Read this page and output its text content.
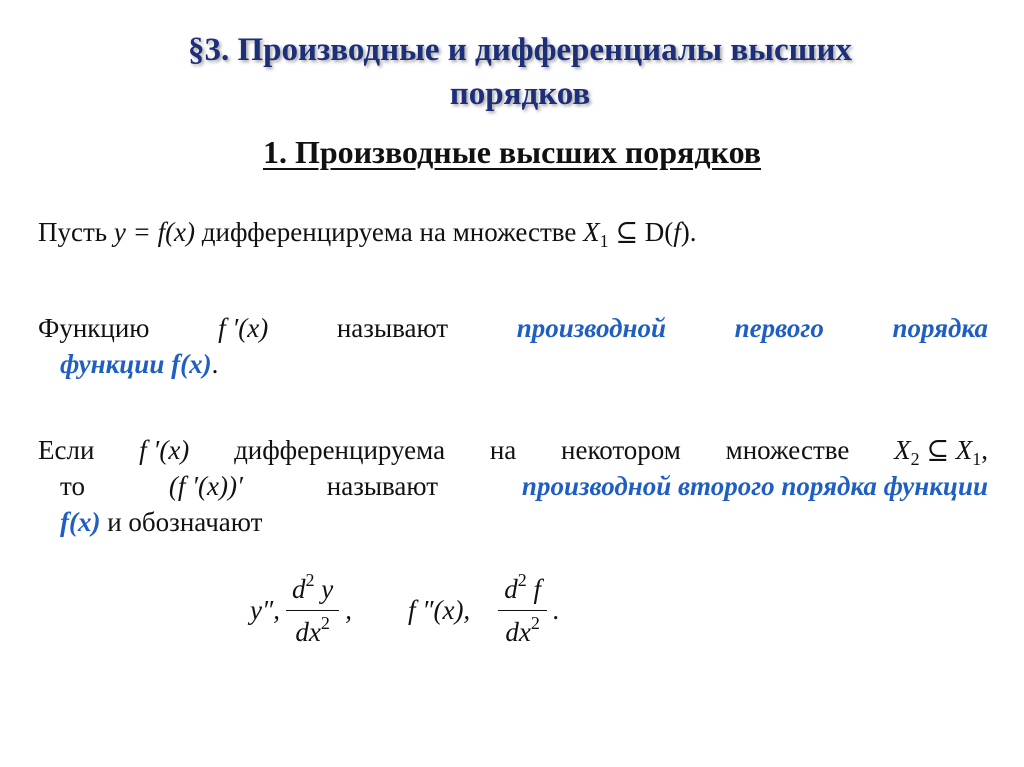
§3. Производные и дифференциалы высших
порядков
1. Производные высших порядков
Пусть y = f(x) дифференцируема на множестве $X_1$ ⊆ D(f).
Функцию	f ′(x)	называют	производной	первого	порядка
функции f(x).
Если f ′(x) дифференцируема на некотором множестве $X_2$ ⊆ $X_1$,
то	(f ′(x))′	называют	производной второго порядка функции
f(x) и обозначают
y″, $\frac{d^2 y}{dx^2}$ , f ″(x), $\frac{d^2 f}{dx^2}$ .
